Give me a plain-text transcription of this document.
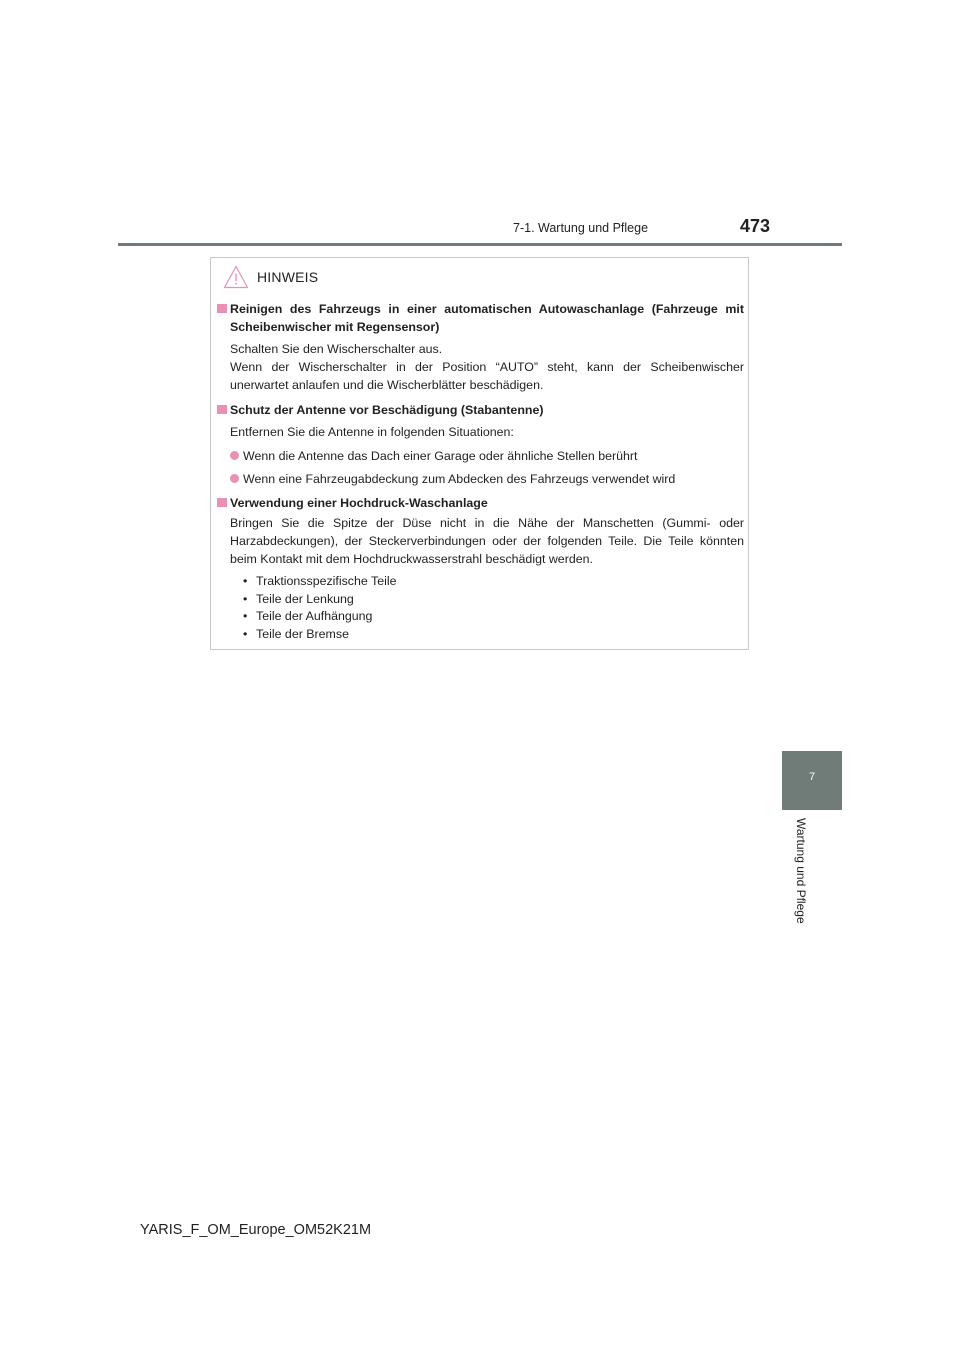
7-1. Wartung und Pflege	473
HINWEIS
Reinigen des Fahrzeugs in einer automatischen Autowaschanlage (Fahrzeuge mit Scheibenwischer mit Regensensor)
Schalten Sie den Wischerschalter aus.
Wenn der Wischerschalter in der Position “AUTO” steht, kann der Scheibenwischer unerwartet anlaufen und die Wischerblätter beschädigen.
Schutz der Antenne vor Beschädigung (Stabantenne)
Entfernen Sie die Antenne in folgenden Situationen:
Wenn die Antenne das Dach einer Garage oder ähnliche Stellen berührt
Wenn eine Fahrzeugabdeckung zum Abdecken des Fahrzeugs verwendet wird
Verwendung einer Hochdruck-Waschanlage
Bringen Sie die Spitze der Düse nicht in die Nähe der Manschetten (Gummi- oder Harzabdeckungen), der Steckerverbindungen oder der folgenden Teile. Die Teile könnten beim Kontakt mit dem Hochdruckwasserstrahl beschädigt werden.
• Traktionsspezifische Teile
• Teile der Lenkung
• Teile der Aufhängung
• Teile der Bremse
7
Wartung und Pflege
YARIS_F_OM_Europe_OM52K21M
